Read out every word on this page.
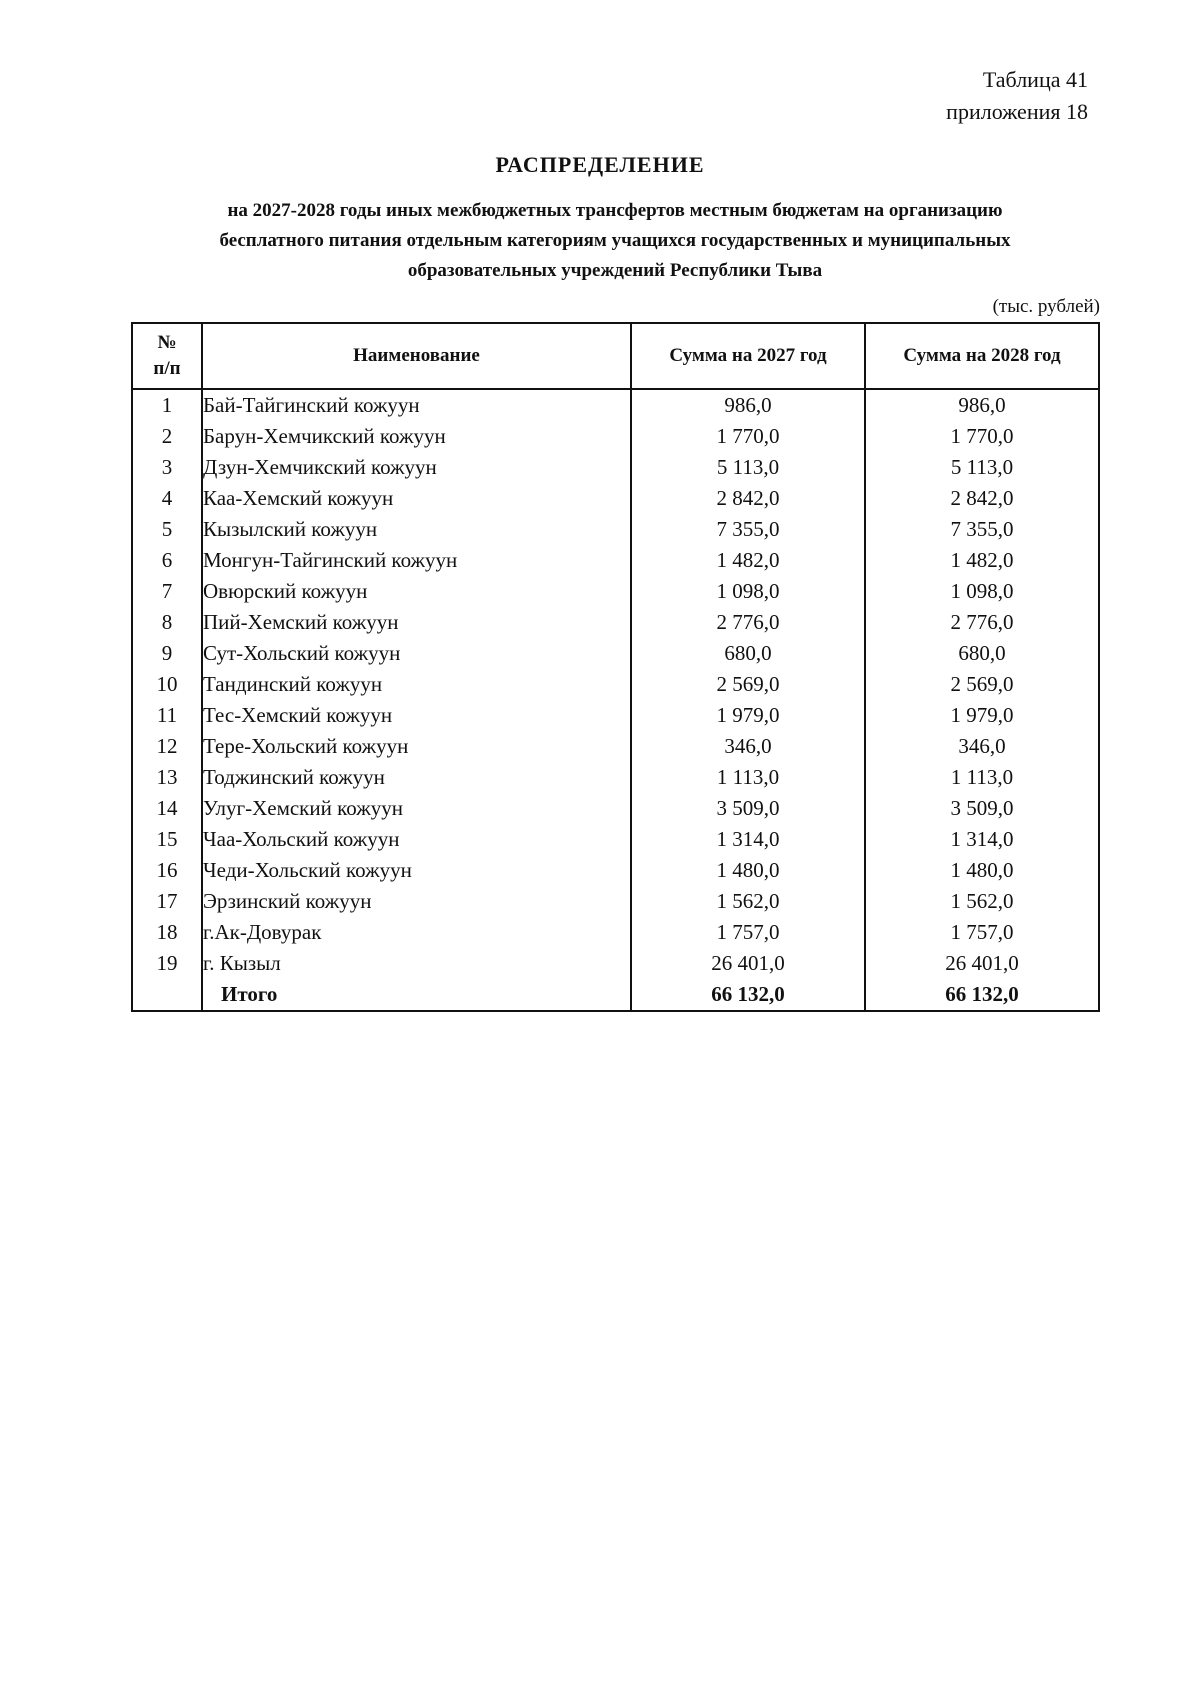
Таблица 41
приложения 18
РАСПРЕДЕЛЕНИЕ
на 2027-2028 годы иных межбюджетных трансфертов местным бюджетам на организацию
бесплатного питания отдельным категориям учащихся государственных и муниципальных
образовательных учреждений Республики Тыва
(тыс. рублей)
№
п/п	Наименование	Сумма на 2027 год	Сумма на 2028 год
1	Бай-Тайгинский кожуун	986,0	986,0
2	Барун-Хемчикский кожуун	1 770,0	1 770,0
3	Дзун-Хемчикский кожуун	5 113,0	5 113,0
4	Каа-Хемский кожуун	2 842,0	2 842,0
5	Кызылский кожуун	7 355,0	7 355,0
6	Монгун-Тайгинский кожуун	1 482,0	1 482,0
7	Овюрский кожуун	1 098,0	1 098,0
8	Пий-Хемский кожуун	2 776,0	2 776,0
9	Сут-Хольский кожуун	680,0	680,0
10	Тандинский кожуун	2 569,0	2 569,0
11	Тес-Хемский кожуун	1 979,0	1 979,0
12	Тере-Хольский кожуун	346,0	346,0
13	Тоджинский кожуун	1 113,0	1 113,0
14	Улуг-Хемский кожуун	3 509,0	3 509,0
15	Чаа-Хольский кожуун	1 314,0	1 314,0
16	Чеди-Хольский кожуун	1 480,0	1 480,0
17	Эрзинский кожуун	1 562,0	1 562,0
18	г.Ак-Довурак	1 757,0	1 757,0
19	г. Кызыл	26 401,0	26 401,0
	Итого	66 132,0	66 132,0
